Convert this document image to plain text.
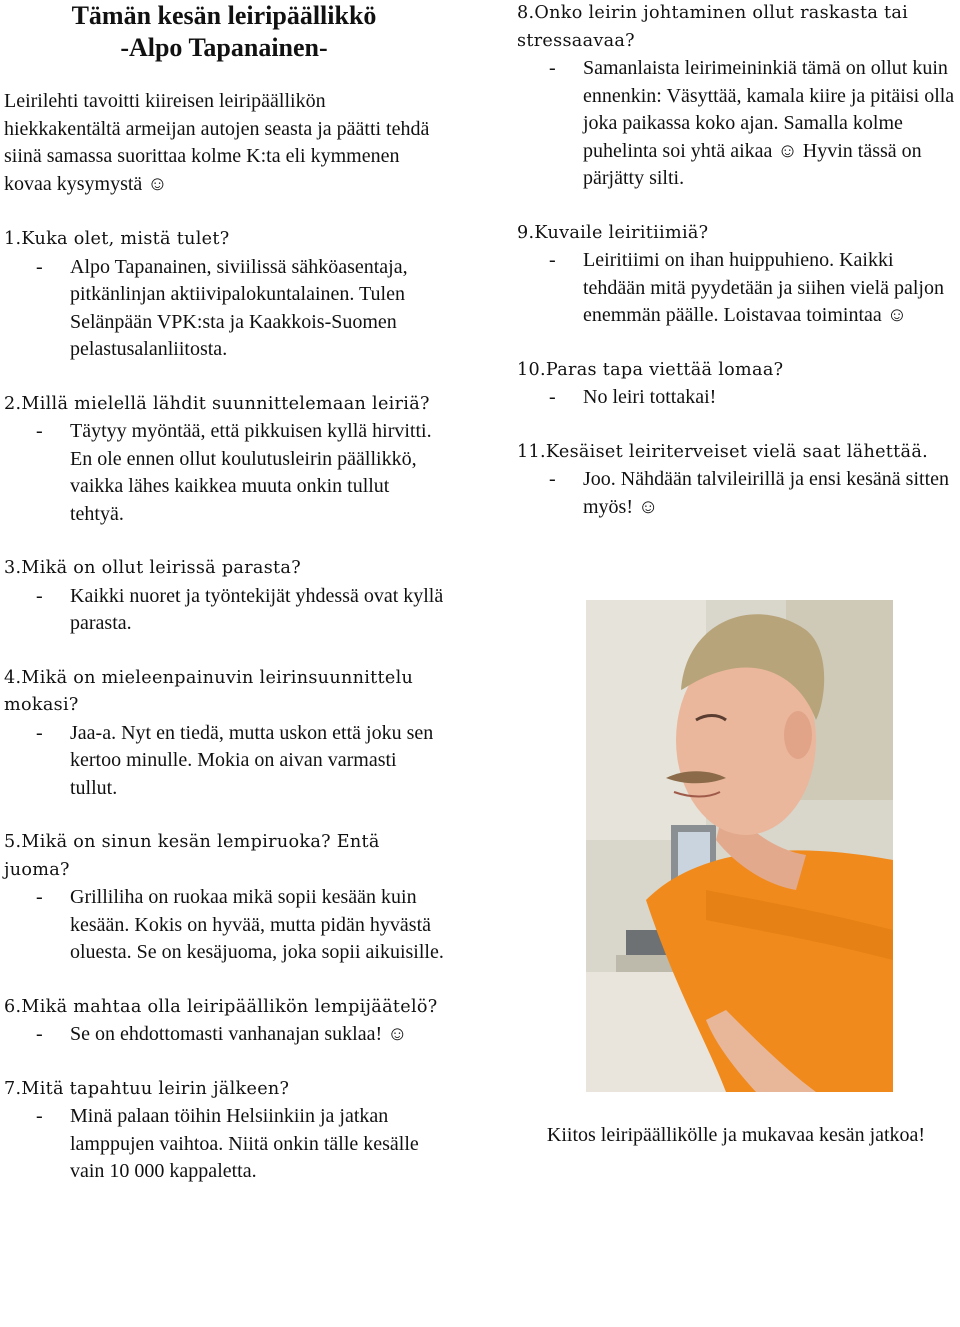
Tämän kesän leiripäällikkö
-Alpo Tapanainen-

Leirilehti tavoitti kiireisen leiripäällikön hiekkakentältä armeijan autojen seasta ja päätti tehdä siinä samassa suorittaa kolme K:ta eli kymmenen kovaa kysymystä ☺

1.Kuka olet, mistä tulet?

-	Alpo Tapanainen, siviilissä sähköasentaja, pitkänlinjan aktiivipalokuntalainen. Tulen Selänpään VPK:sta ja Kaakkois-Suomen pelastusalanliitosta.

2.Millä mielellä lähdit suunnittelemaan leiriä?

-	Täytyy myöntää, että pikkuisen kyllä hirvitti. En ole ennen ollut koulutusleirin päällikkö, vaikka lähes kaikkea muuta onkin tullut tehtyä.

3.Mikä on ollut leirissä parasta?

-	Kaikki nuoret ja työntekijät yhdessä ovat kyllä parasta.

4.Mikä on mieleenpainuvin leirinsuunnittelu mokasi?

-	Jaa-a. Nyt en tiedä, mutta uskon että joku sen kertoo minulle. Mokia on aivan varmasti tullut.

5.Mikä on sinun kesän lempiruoka? Entä juoma?

-	Grilliliha on ruokaa mikä sopii kesään kuin kesään. Kokis on hyvää, mutta pidän hyvästä oluesta. Se on kesäjuoma, joka sopii aikuisille.

6.Mikä mahtaa olla leiripäällikön lempijäätelö?

-	Se on ehdottomasti vanhanajan suklaa! ☺

7.Mitä tapahtuu leirin jälkeen?

-	Minä palaan töihin Helsiinkiin ja jatkan lamppujen vaihtoa. Niitä onkin tälle kesälle vain 10 000 kappaletta.

8.Onko leirin johtaminen ollut raskasta tai stressaavaa?

-	Samanlaista leirimeininkiä tämä on ollut kuin ennenkin: Väsyttää, kamala kiire ja pitäisi olla joka paikassa koko ajan. Samalla kolme puhelinta soi yhtä aikaa ☺ Hyvin tässä on pärjätty silti.

9.Kuvaile leiritiimiä?

-	Leiritiimi on ihan huippuhieno. Kaikki tehdään mitä pyydetään ja siihen vielä paljon enemmän päälle. Loistavaa toimintaa ☺

10.Paras tapa viettää lomaa?

-	No leiri tottakai!

11.Kesäiset leiriterveiset vielä saat lähettää.

-	Joo. Nähdään talvileirillä ja ensi kesänä sitten myös! ☺
Kiitos leiripäällikölle ja mukavaa kesän jatkoa!
